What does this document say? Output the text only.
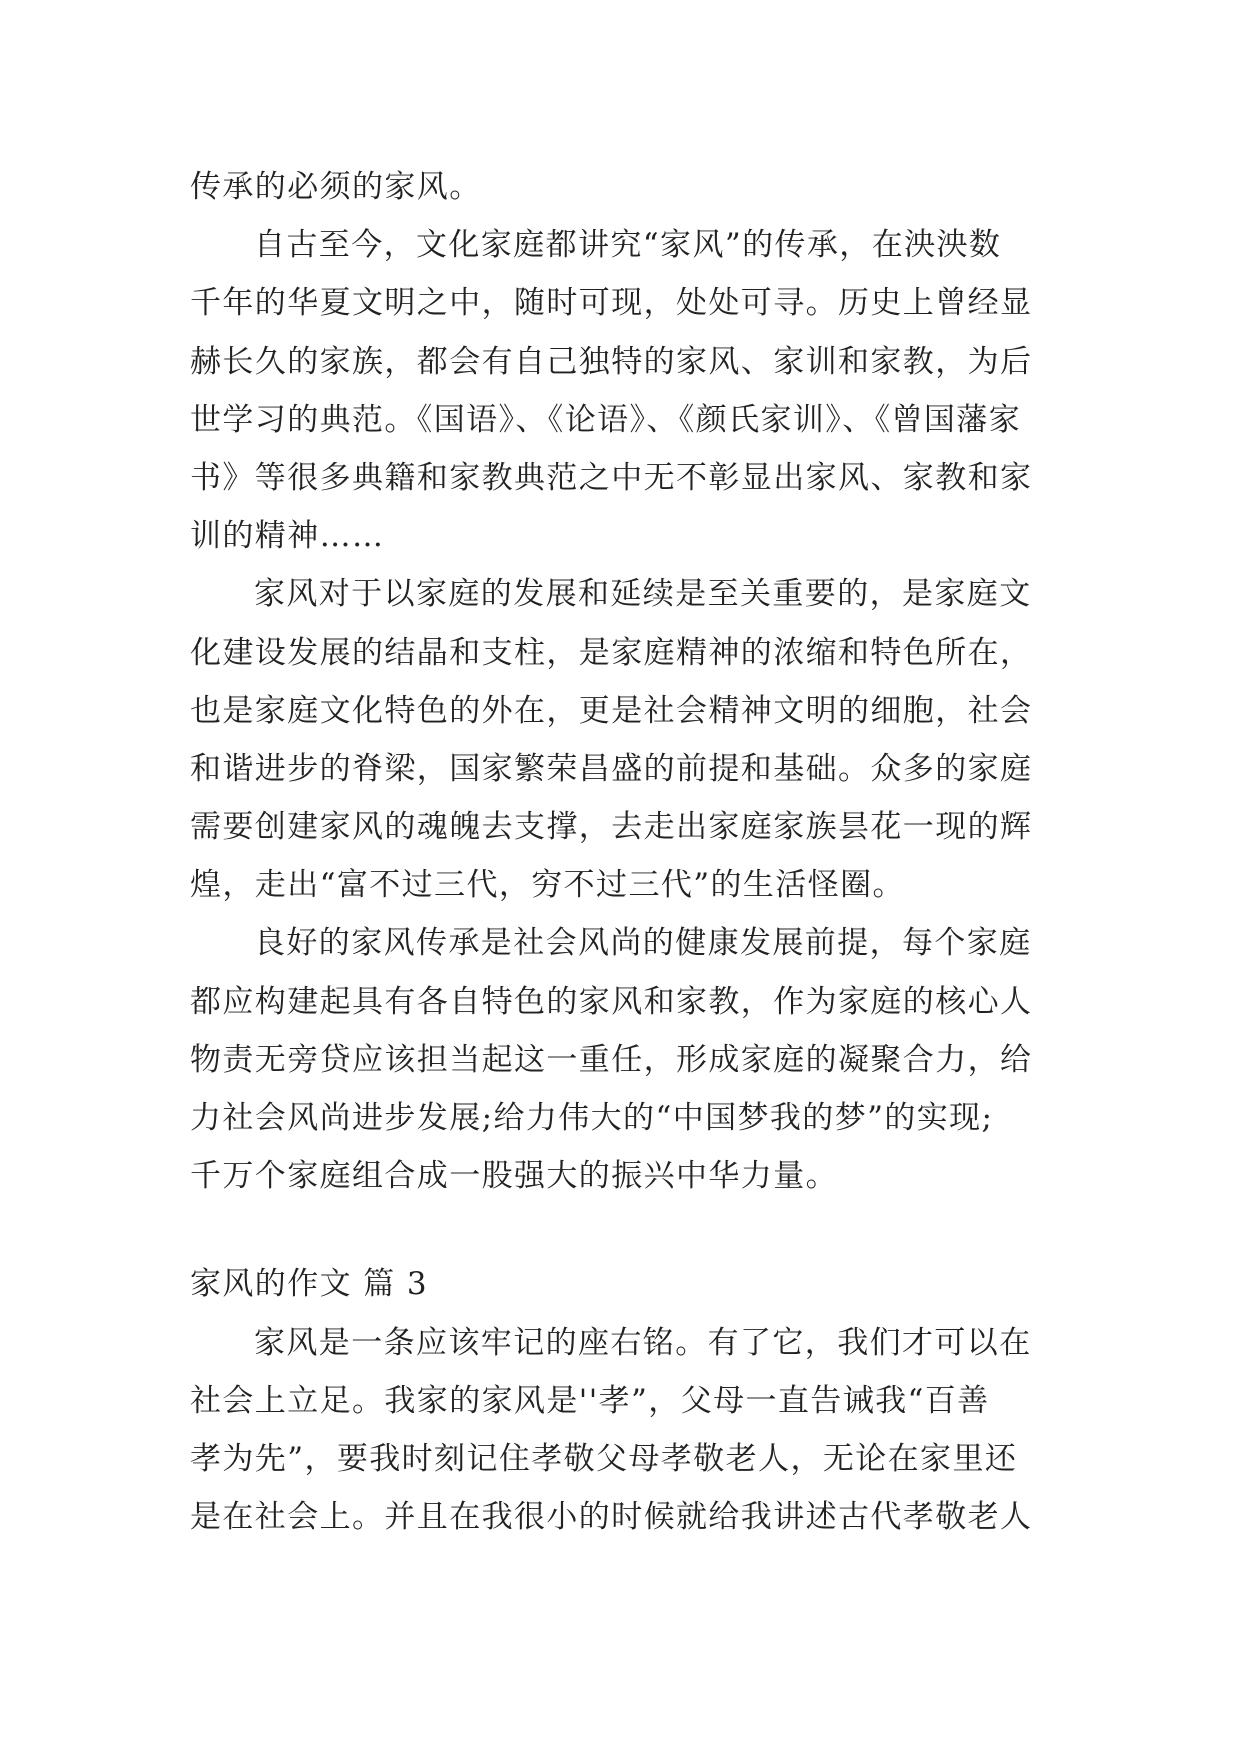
传承的必须的家风。
自古至今，文化家庭都讲究“家风”的传承，在泱泱数
千年的华夏文明之中，随时可现，处处可寻。历史上曾经显
赫长久的家族，都会有自己独特的家风、家训和家教，为后
世学习的典范。《国语》、《论语》、《颜氏家训》、《曾国藩家
书》等很多典籍和家教典范之中无不彰显出家风、家教和家
训的精神……
家风对于以家庭的发展和延续是至关重要的，是家庭文
化建设发展的结晶和支柱，是家庭精神的浓缩和特色所在，
也是家庭文化特色的外在，更是社会精神文明的细胞，社会
和谐进步的脊梁，国家繁荣昌盛的前提和基础。众多的家庭
需要创建家风的魂魄去支撑，去走出家庭家族昙花一现的辉
煌，走出“富不过三代，穷不过三代”的生活怪圈。
良好的家风传承是社会风尚的健康发展前提，每个家庭
都应构建起具有各自特色的家风和家教，作为家庭的核心人
物责无旁贷应该担当起这一重任，形成家庭的凝聚合力，给
力社会风尚进步发展;给力伟大的“中国梦我的梦”的实现;
千万个家庭组合成一股强大的振兴中华力量。
家风的作文 篇 3
家风是一条应该牢记的座右铭。有了它，我们才可以在
社会上立足。我家的家风是''孝”，父母一直告诫我“百善
孝为先”，要我时刻记住孝敬父母孝敬老人，无论在家里还
是在社会上。并且在我很小的时候就给我讲述古代孝敬老人
